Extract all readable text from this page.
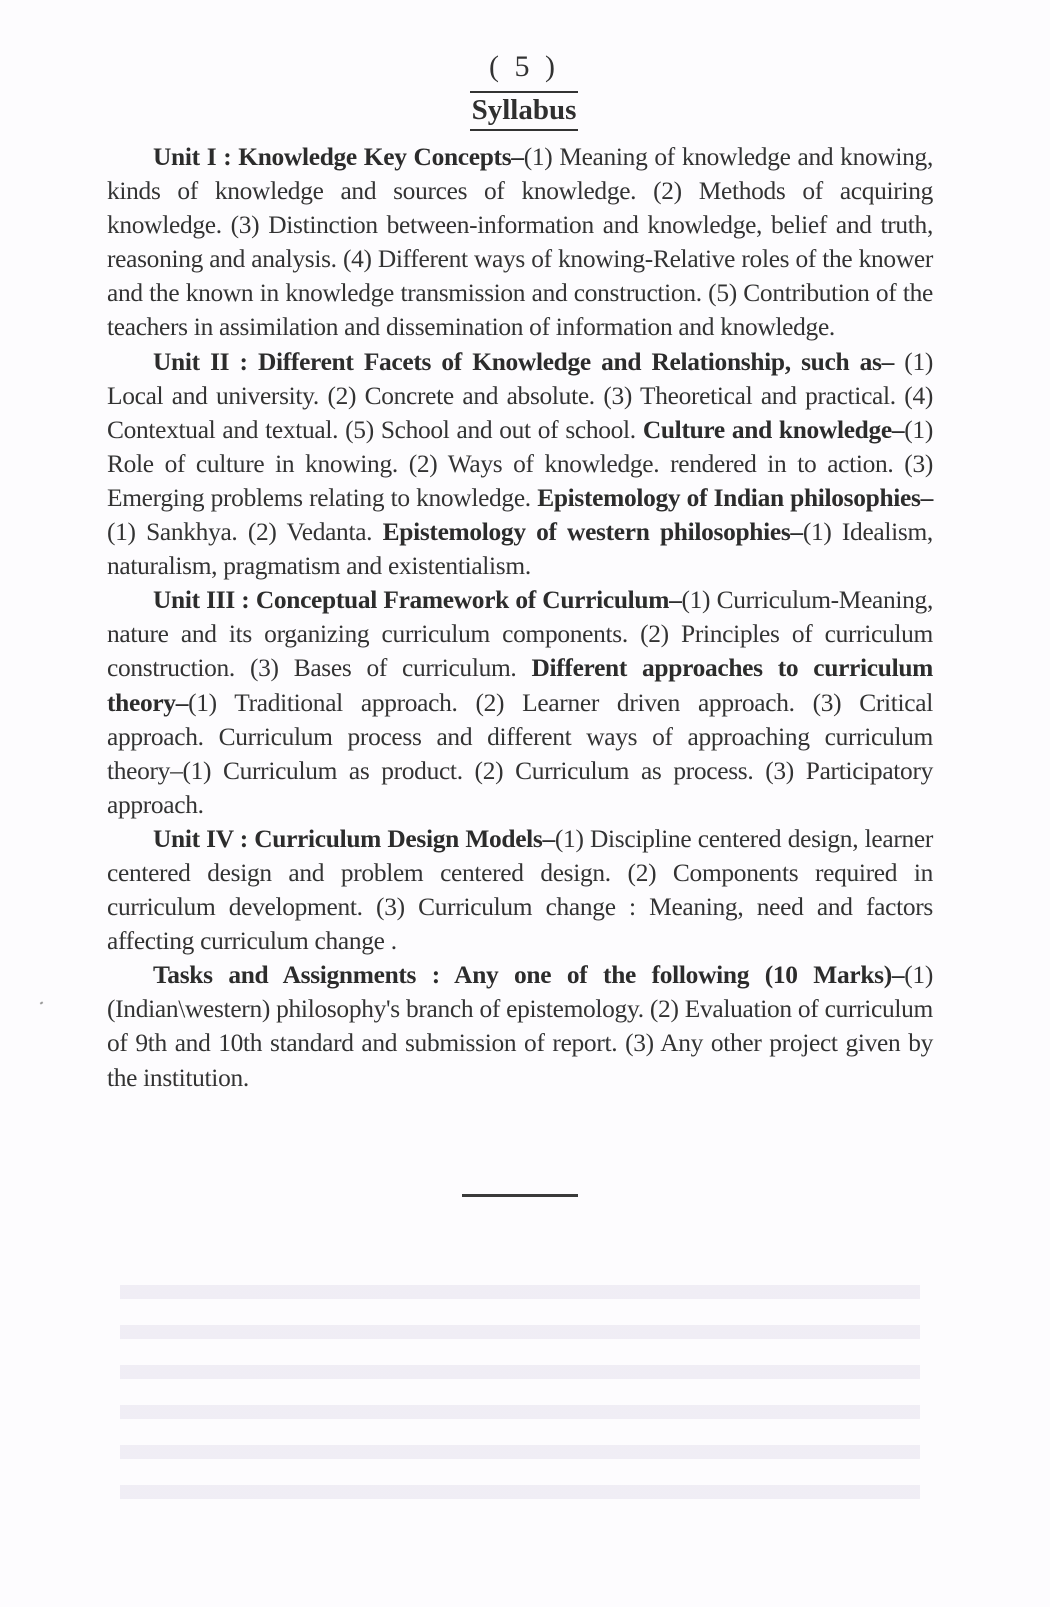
( 5 )
Syllabus

Unit I : Knowledge Key Concepts–(1) Meaning of knowledge and knowing, kinds of knowledge and sources of knowledge. (2) Methods of acquiring knowledge. (3) Distinction between-information and knowledge, belief and truth, reasoning and analysis. (4) Different ways of knowing-Relative roles of the knower and the known in knowledge transmission and construction. (5) Contribution of the teachers in assimilation and dissemination of information and knowledge.

Unit II : Different Facets of Knowledge and Relationship, such as– (1) Local and university. (2) Concrete and absolute. (3) Theoretical and practical. (4) Contextual and textual. (5) School and out of school. Culture and knowledge–(1) Role of culture in knowing. (2) Ways of knowledge. rendered in to action. (3) Emerging problems relating to knowledge. Epistemology of Indian philosophies–(1) Sankhya. (2) Vedanta. Epistemology of western philosophies–(1) Idealism, naturalism, pragmatism and existentialism.

Unit III : Conceptual Framework of Curriculum–(1) Curriculum-Meaning, nature and its organizing curriculum components. (2) Principles of curriculum construction. (3) Bases of curriculum. Different approaches to curriculum theory–(1) Traditional approach. (2) Learner driven approach. (3) Critical approach. Curriculum process and different ways of approaching curriculum theory–(1) Curriculum as product. (2) Curriculum as process. (3) Participatory approach.

Unit IV : Curriculum Design Models–(1) Discipline centered design, learner centered design and problem centered design. (2) Components required in curriculum development. (3) Curriculum change : Meaning, need and factors affecting curriculum change .

Tasks and Assignments : Any one of the following (10 Marks)–(1) (Indian\western) philosophy's branch of epistemology. (2) Evaluation of curriculum of 9th and 10th standard and submission of report. (3) Any other project given by the institution.
